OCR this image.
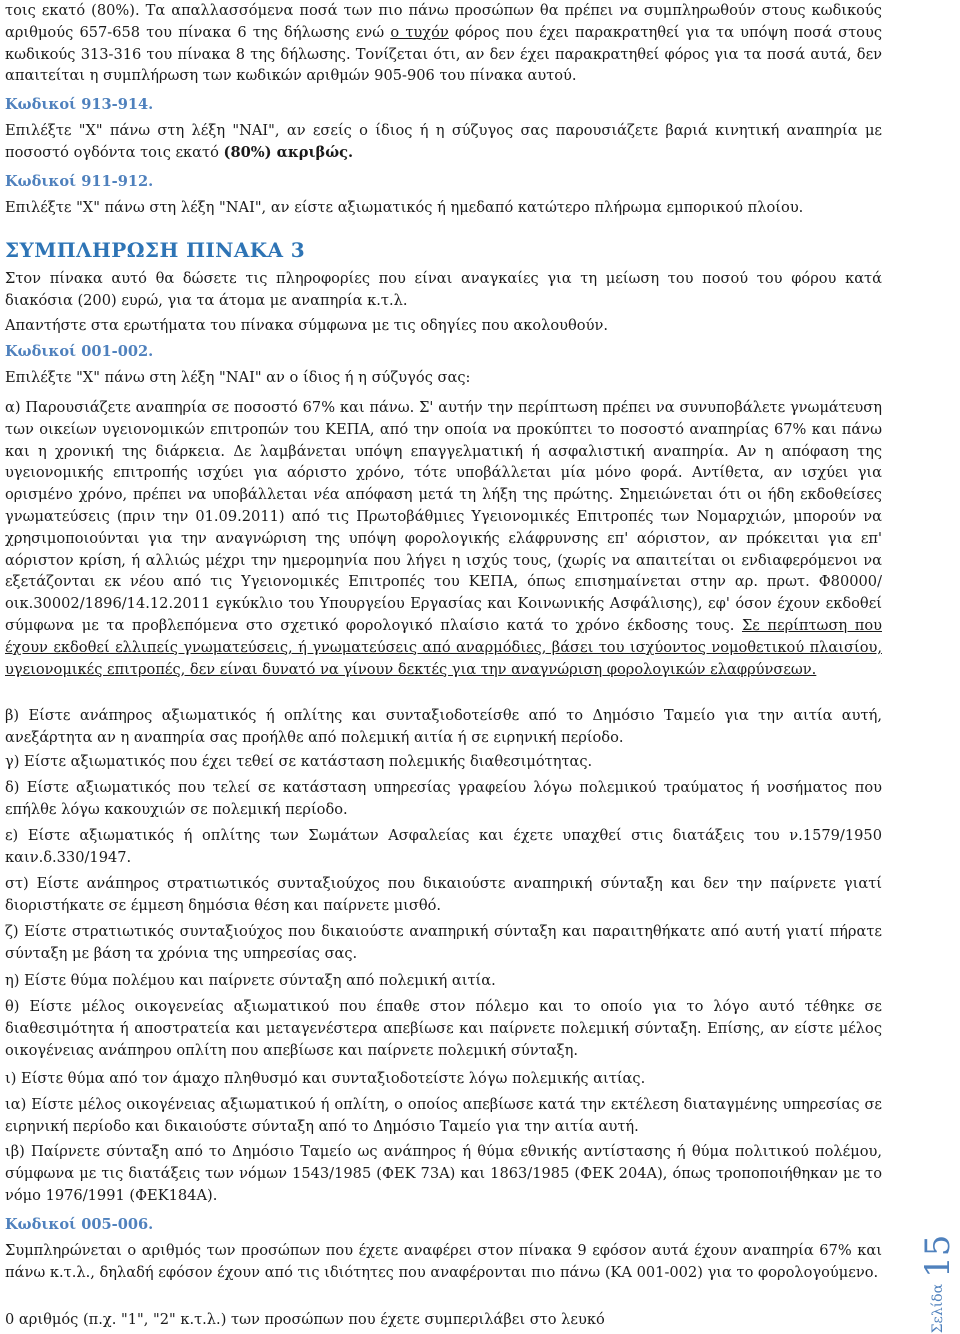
τοις εκατό (80%). Τα απαλλασσόμενα ποσά των πιο πάνω προσώπων θα πρέπει να συμπληρωθούν στους κωδικούς αριθμούς 657-658 του πίνακα 6 της δήλωσης ενώ ο τυχόν φόρος που έχει παρακρατηθεί για τα υπόψη ποσά στους κωδικούς 313-316 του πίνακα 8 της δήλωσης. Τονίζεται ότι, αν δεν έχει παρακρατηθεί φόρος για τα ποσά αυτά, δεν απαιτείται η συμπλήρωση των κωδικών αριθμών 905-906 του πίνακα αυτού.

Κωδικοί 913-914.

Επιλέξτε "Χ" πάνω στη λέξη "ΝΑΙ", αν εσείς ο ίδιος ή η σύζυγος σας παρουσιάζετε βαριά κινητική αναπηρία με ποσοστό ογδόντα τοις εκατό (80%) ακριβώς.

Κωδικοί 911-912.

Επιλέξτε "Χ" πάνω στη λέξη "ΝΑΙ", αν είστε αξιωματικός ή ημεδαπό κατώτερο πλήρωμα εμπορικού πλοίου.

ΣΥΜΠΛΗΡΩΣΗ ΠΙΝΑΚΑ 3

Στον πίνακα αυτό θα δώσετε τις πληροφορίες που είναι αναγκαίες για τη μείωση του ποσού του φόρου κατά διακόσια (200) ευρώ, για τα άτομα με αναπηρία κ.τ.λ.

Απαντήστε στα ερωτήματα του πίνακα σύμφωνα με τις οδηγίες που ακολουθούν.

Κωδικοί 001-002.

Επιλέξτε "Χ" πάνω στη λέξη "ΝΑΙ" αν ο ίδιος ή η σύζυγός σας:

α) Παρουσιάζετε αναπηρία σε ποσοστό 67% και πάνω. Σ' αυτήν την περίπτωση πρέπει να συνυποβάλετε γνωμάτευση των οικείων υγειονομικών επιτροπών του ΚΕΠΑ, από την οποία να προκύπτει το ποσοστό αναπηρίας 67% και πάνω και η χρονική της διάρκεια. Δε λαμβάνεται υπόψη επαγγελματική ή ασφαλιστική αναπηρία. Αν η απόφαση της υγειονομικής επιτροπής ισχύει για αόριστο χρόνο, τότε υποβάλλεται μία μόνο φορά. Αντίθετα, αν ισχύει για ορισμένο χρόνο, πρέπει να υποβάλλεται νέα απόφαση μετά τη λήξη της πρώτης. Σημειώνεται ότι οι ήδη εκδοθείσες γνωματεύσεις (πριν την 01.09.2011) από τις Πρωτοβάθμιες Υγειονομικές Επιτροπές των Νομαρχιών, μπορούν να χρησιμοποιούνται για την αναγνώριση της υπόψη φορολογικής ελάφρυνσης επ' αόριστον, αν πρόκειται για επ' αόριστον κρίση, ή αλλιώς μέχρι την ημερομηνία που λήγει η ισχύς τους, (χωρίς να απαιτείται οι ενδιαφερόμενοι να εξετάζονται εκ νέου από τις Υγειονομικές Επιτροπές του ΚΕΠΑ, όπως επισημαίνεται στην αρ. πρωτ. Φ80000/οικ.30002/1896/14.12.2011 εγκύκλιο του Υπουργείου Εργασίας και Κοινωνικής Ασφάλισης), εφ' όσον έχουν εκδοθεί σύμφωνα με τα προβλεπόμενα στο σχετικό φορολογικό πλαίσιο κατά το χρόνο έκδοσης τους. Σε περίπτωση που έχουν εκδοθεί ελλιπείς γνωματεύσεις, ή γνωματεύσεις από αναρμόδιες, βάσει του ισχύοντος νομοθετικού πλαισίου, υγειονομικές επιτροπές, δεν είναι δυνατό να γίνουν δεκτές για την αναγνώριση φορολογικών ελαφρύνσεων.

β) Είστε ανάπηρος αξιωματικός ή οπλίτης και συνταξιοδοτείσθε από το Δημόσιο Ταμείο για την αιτία αυτή, ανεξάρτητα αν η αναπηρία σας προήλθε από πολεμική αιτία ή σε ειρηνική περίοδο.

γ) Είστε αξιωματικός που έχει τεθεί σε κατάσταση πολεμικής διαθεσιμότητας.

δ) Είστε αξιωματικός που τελεί σε κατάσταση υπηρεσίας γραφείου λόγω πολεμικού τραύματος ή νοσήματος που επήλθε λόγω κακουχιών σε πολεμική περίοδο.

ε) Είστε αξιωματικός ή οπλίτης των Σωμάτων Ασφαλείας και έχετε υπαχθεί στις διατάξεις του ν.1579/1950 καιν.δ.330/1947.

στ) Είστε ανάπηρος στρατιωτικός συνταξιούχος που δικαιούστε αναπηρική σύνταξη και δεν την παίρνετε γιατί διοριστήκατε σε έμμεση δημόσια θέση και παίρνετε μισθό.

ζ) Είστε στρατιωτικός συνταξιούχος που δικαιούστε αναπηρική σύνταξη και παραιτηθήκατε από αυτή γιατί πήρατε σύνταξη με βάση τα χρόνια της υπηρεσίας σας.

η) Είστε θύμα πολέμου και παίρνετε σύνταξη από πολεμική αιτία.

θ) Είστε μέλος οικογενείας αξιωματικού που έπαθε στον πόλεμο και το οποίο για το λόγο αυτό τέθηκε σε διαθεσιμότητα ή αποστρατεία και μεταγενέστερα απεβίωσε και παίρνετε πολεμική σύνταξη. Επίσης, αν είστε μέλος οικογένειας ανάπηρου οπλίτη που απεβίωσε και παίρνετε πολεμική σύνταξη.

ι) Είστε θύμα από τον άμαχο πληθυσμό και συνταξιοδοτείστε λόγω πολεμικής αιτίας.

ια) Είστε μέλος οικογένειας αξιωματικού ή οπλίτη, ο οποίος απεβίωσε κατά την εκτέλεση διαταγμένης υπηρεσίας σε ειρηνική περίοδο και δικαιούστε σύνταξη από το Δημόσιο Ταμείο για την αιτία αυτή.

ιβ) Παίρνετε σύνταξη από το Δημόσιο Ταμείο ως ανάπηρος ή θύμα εθνικής αντίστασης ή θύμα πολιτικού πολέμου, σύμφωνα με τις διατάξεις των νόμων 1543/1985 (ΦΕΚ 73Α) και 1863/1985 (ΦΕΚ 204Α), όπως τροποποιήθηκαν με το νόμο 1976/1991 (ΦΕΚ184Α).

Κωδικοί 005-006.

Συμπληρώνεται ο αριθμός των προσώπων που έχετε αναφέρει στον πίνακα 9 εφόσον αυτά έχουν αναπηρία 67% και πάνω κ.τ.λ., δηλαδή εφόσον έχουν από τις ιδιότητες που αναφέρονται πιο πάνω (ΚΑ 001-002) για το φορολογούμενο.

0 αριθμός (π.χ. "1", "2" κ.τ.λ.) των προσώπων που έχετε συμπεριλάβει στο λευκό	Σελίδα15
